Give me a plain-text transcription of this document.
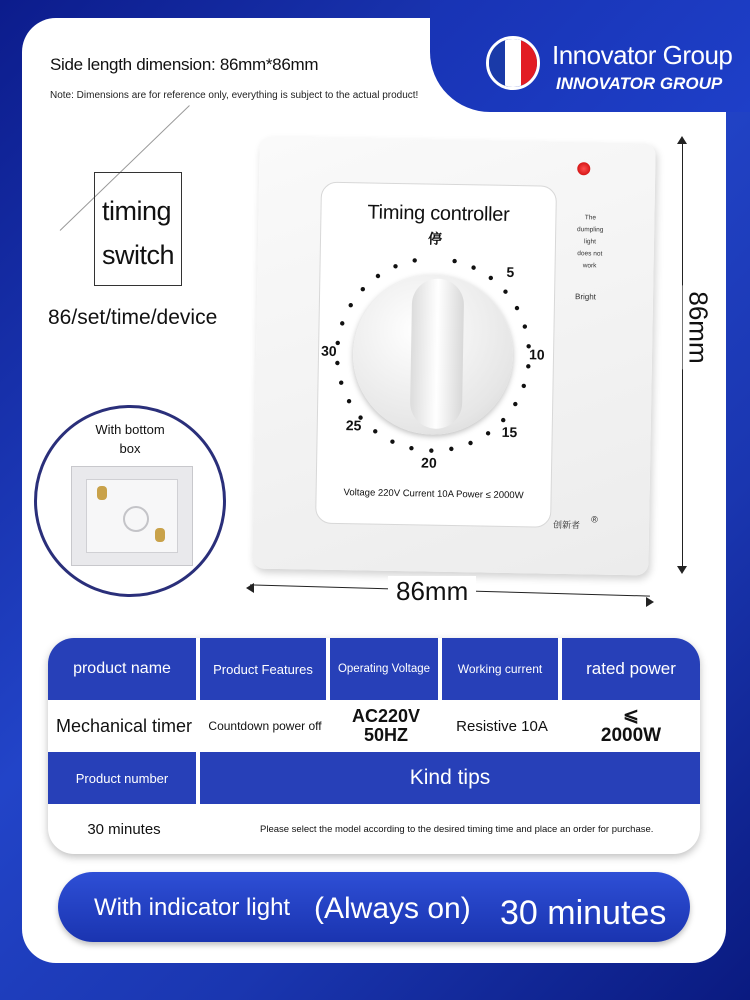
Innovator Group
INNOVATOR GROUP
Side length dimension: 86mm*86mm
Note: Dimensions are for reference only, everything is subject to the actual product!
timing
switch
86/set/time/device
With bottom
box
The
dumpling
light
does not
work
Bright
Timing controller
停
5
10
15
20
25
30
Voltage 220V Current 10A Power ≤ 2000W
创新者
®
86mm
86mm
product name	Product Features	Operating Voltage	Working current	rated power
Mechanical timer	Countdown power off	AC220V 50HZ	Resistive 10A	⩽ 2000W
Product number	Kind tips
30 minutes	Please select the model according to the desired timing time and place an order for purchase.
With indicator light (Always on) 30 minutes
